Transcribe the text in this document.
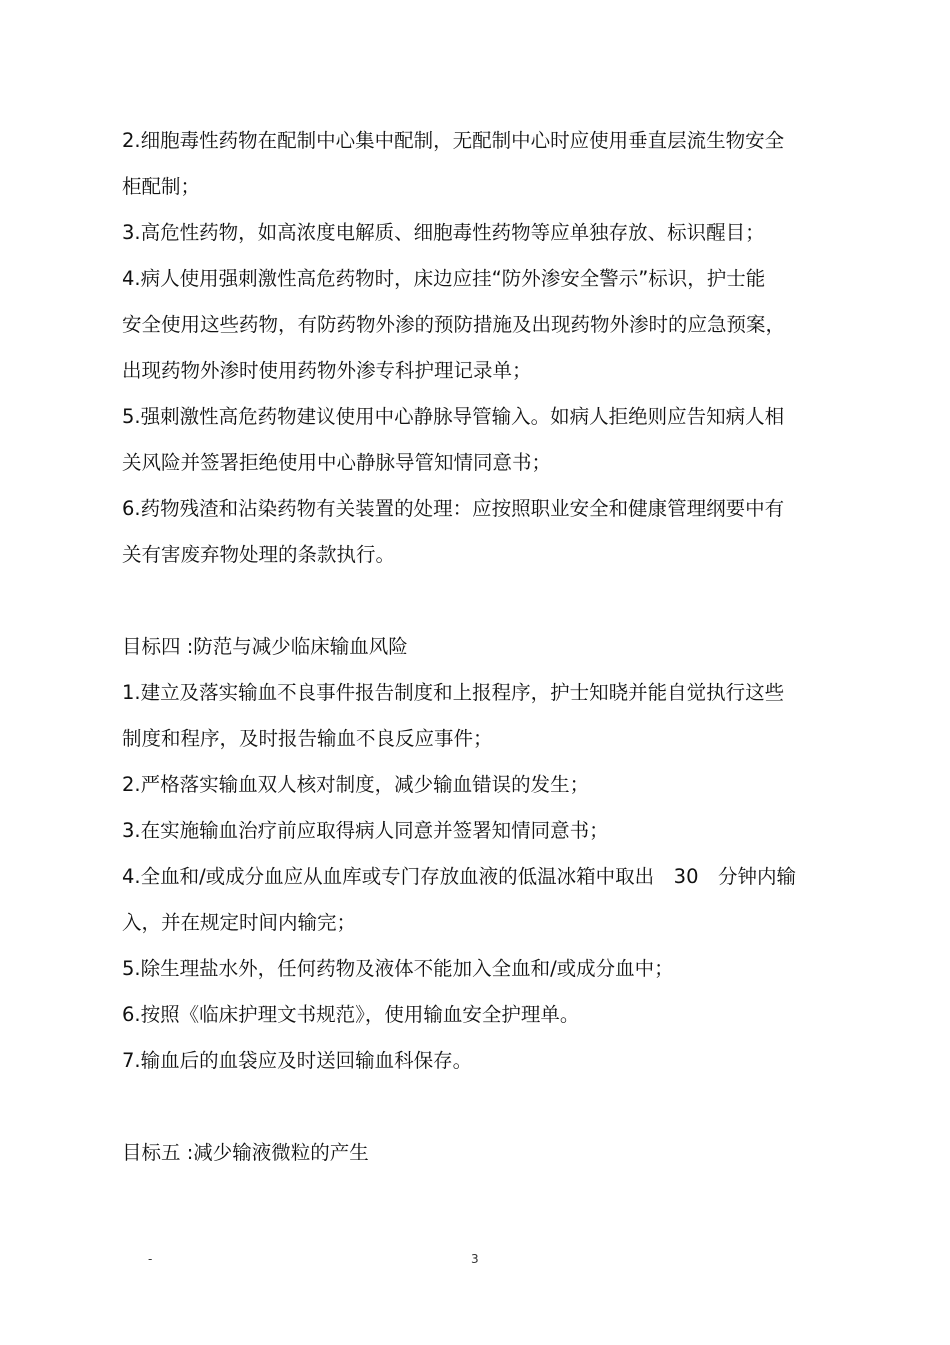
2.细胞毒性药物在配制中心集中配制，无配制中心时应使用垂直层流生物安全
柜配制；
3.高危性药物，如高浓度电解质、细胞毒性药物等应单独存放、标识醒目；
4.病人使用强刺激性高危药物时，床边应挂“防外渗安全警示”标识，护士能
安全使用这些药物，有防药物外渗的预防措施及出现药物外渗时的应急预案，
出现药物外渗时使用药物外渗专科护理记录单；
5.强刺激性高危药物建议使用中心静脉导管输入。如病人拒绝则应告知病人相
关风险并签署拒绝使用中心静脉导管知情同意书；
6.药物残渣和沾染药物有关装置的处理：应按照职业安全和健康管理纲要中有
关有害废弃物处理的条款执行。
目标四 :防范与减少临床输血风险
1.建立及落实输血不良事件报告制度和上报程序，护士知晓并能自觉执行这些
制度和程序，及时报告输血不良反应事件；
2.严格落实输血双人核对制度，减少输血错误的发生；
3.在实施输血治疗前应取得病人同意并签署知情同意书；
4.全血和/或成分血应从血库或专门存放血液的低温冰箱中取出　30　分钟内输
入，并在规定时间内输完；
5.除生理盐水外，任何药物及液体不能加入全血和/或成分血中；
6.按照《临床护理文书规范》，使用输血安全护理单。
7.输血后的血袋应及时送回输血科保存。
目标五 :减少输液微粒的产生
-	3
